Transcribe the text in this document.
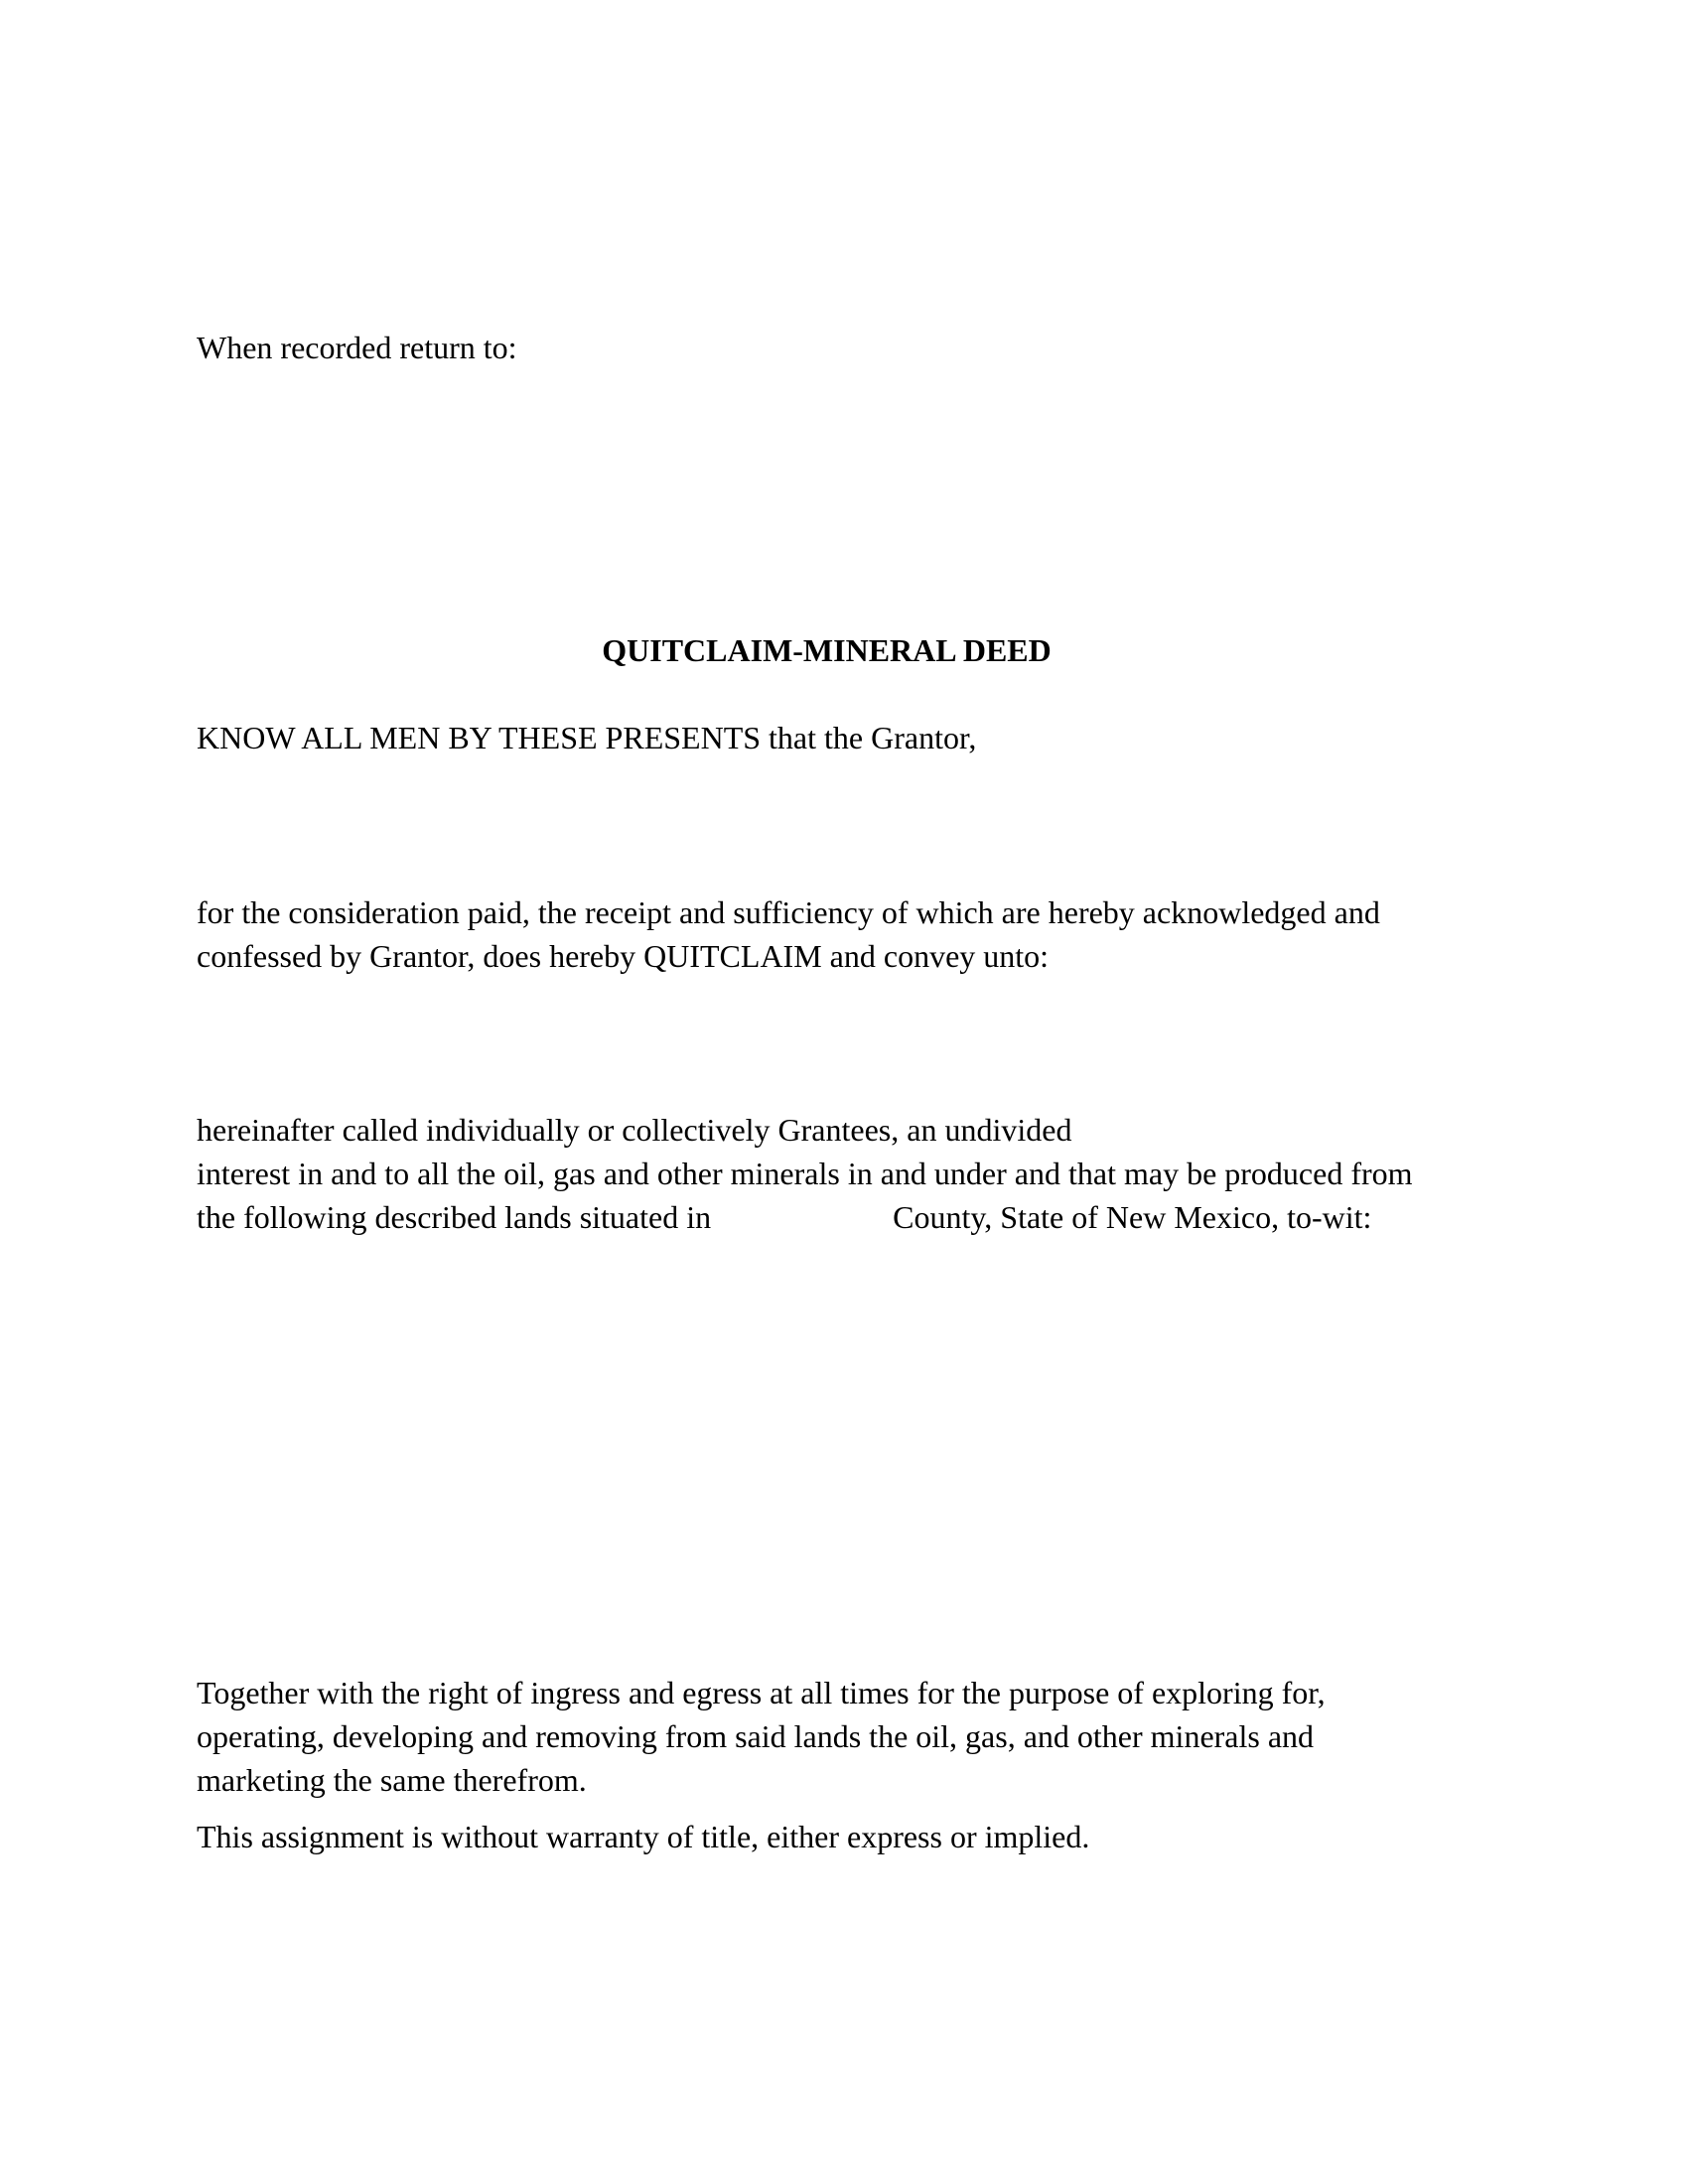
When recorded return to:

QUITCLAIM-MINERAL DEED

KNOW ALL MEN BY THESE PRESENTS that the Grantor,

for the consideration paid, the receipt and sufficiency of which are hereby acknowledged and

confessed by Grantor, does hereby QUITCLAIM and convey unto:

hereinafter called individually or collectively Grantees, an undivided

interest in and to all the oil, gas and other minerals in and under and that may be produced from

the following described lands situated in	County, State of New Mexico, to-wit:

Together with the right of ingress and egress at all times for the purpose of exploring for,

operating, developing and removing from said lands the oil, gas, and other minerals and

marketing the same therefrom.

This assignment is without warranty of title, either express or implied.
